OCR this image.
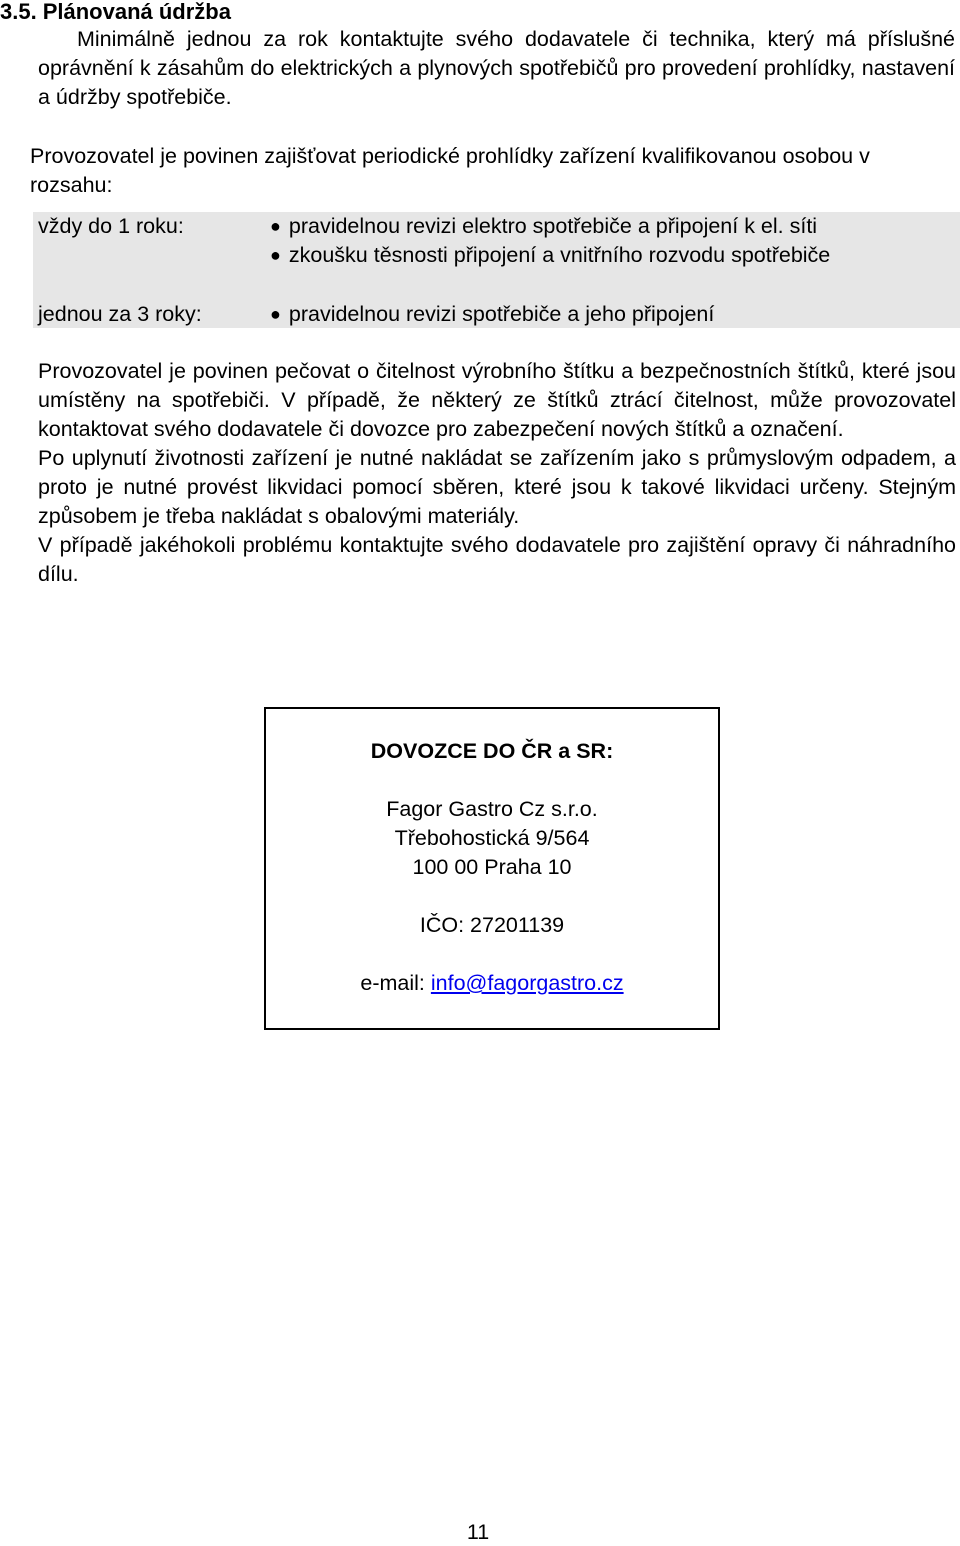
3.5. Plánovaná údržba
Minimálně jednou za rok kontaktujte svého dodavatele či technika, který má příslušné oprávnění k zásahům do elektrických a plynových spotřebičů pro provedení prohlídky, nastavení a údržby spotřebiče.
Provozovatel je povinen zajišťovat periodické prohlídky zařízení kvalifikovanou osobou v rozsahu:
vždy do 1 roku:	● pravidelnou revizi elektro spotřebiče a připojení k el. síti
● zkoušku těsnosti připojení a vnitřního rozvodu spotřebiče
jednou za 3 roky:	● pravidelnou revizi spotřebiče a jeho připojení

Provozovatel je povinen pečovat o čitelnost výrobního štítku a bezpečnostních štítků, které jsou umístěny na spotřebiči. V případě, že některý ze štítků ztrácí čitelnost, může provozovatel kontaktovat svého dodavatele či dovozce pro zabezpečení nových štítků a označení.

Po uplynutí životnosti zařízení je nutné nakládat se zařízením jako s průmyslovým odpadem, a proto je nutné provést likvidaci pomocí sběren, které jsou k takové likvidaci určeny. Stejným způsobem je třeba nakládat s obalovými materiály.

V případě jakéhokoli problému kontaktujte svého dodavatele pro zajištění opravy či náhradního dílu.

DOVOZCE DO ČR a SR:
Fagor Gastro Cz s.r.o.
Třebohostická 9/564
100 00 Praha 10
IČO: 27201139
e-mail: info@fagorgastro.cz
11
